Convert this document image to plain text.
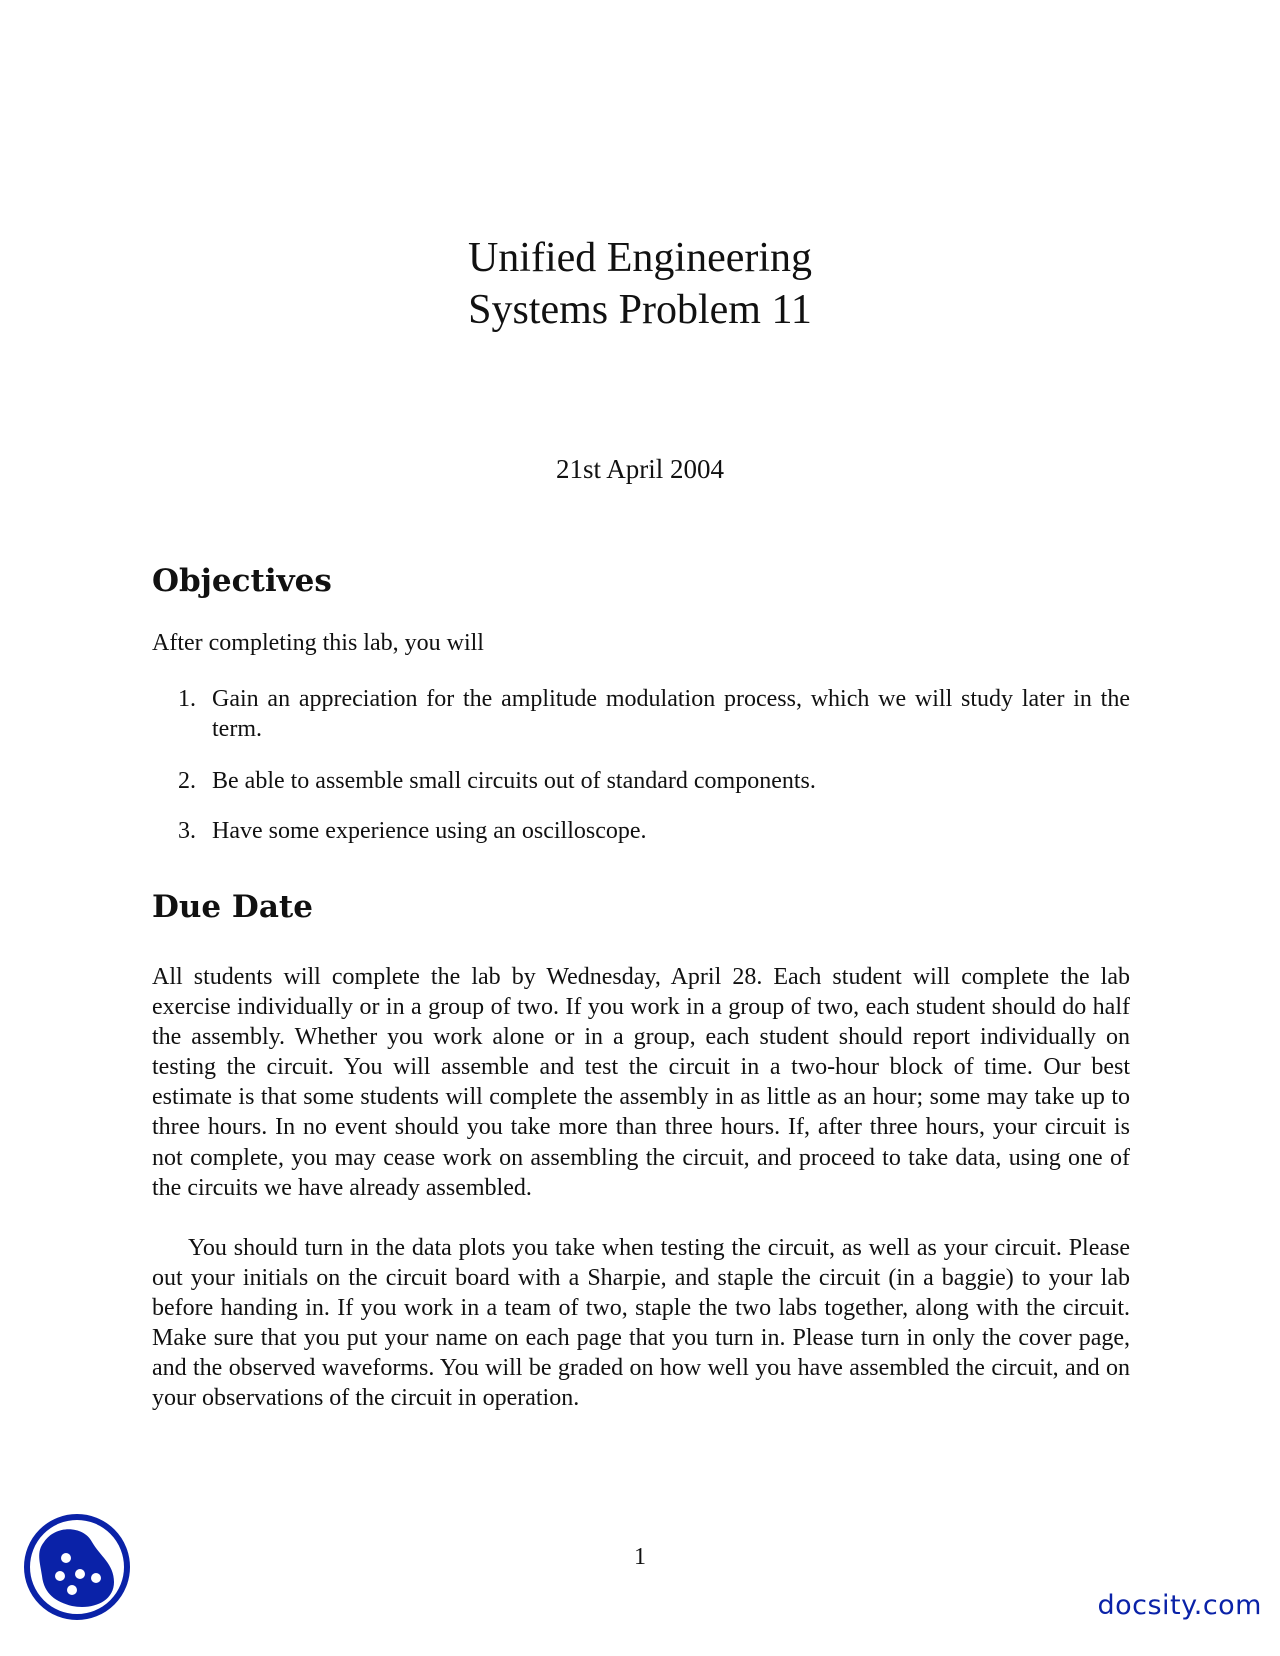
Unified Engineering
Systems Problem 11
21st April 2004
Objectives
After completing this lab, you will
1. Gain an appreciation for the amplitude modulation process, which we will study later in the term.
2. Be able to assemble small circuits out of standard components.
3. Have some experience using an oscilloscope.
Due Date

All students will complete the lab by Wednesday, April 28. Each student will complete the lab exercise individually or in a group of two. If you work in a group of two, each student should do half the assembly. Whether you work alone or in a group, each student should report individually on testing the circuit. You will assemble and test the circuit in a two-hour block of time. Our best estimate is that some students will complete the assembly in as little as an hour; some may take up to three hours. In no event should you take more than three hours. If, after three hours, your circuit is not complete, you may cease work on assembling the circuit, and proceed to take data, using one of the circuits we have already assembled.

You should turn in the data plots you take when testing the circuit, as well as your circuit. Please out your initials on the circuit board with a Sharpie, and staple the circuit (in a baggie) to your lab before handing in. If you work in a team of two, staple the two labs together, along with the circuit. Make sure that you put your name on each page that you turn in. Please turn in only the cover page, and the observed waveforms. You will be graded on how well you have assembled the circuit, and on your observations of the circuit in operation.

1
docsity.com
